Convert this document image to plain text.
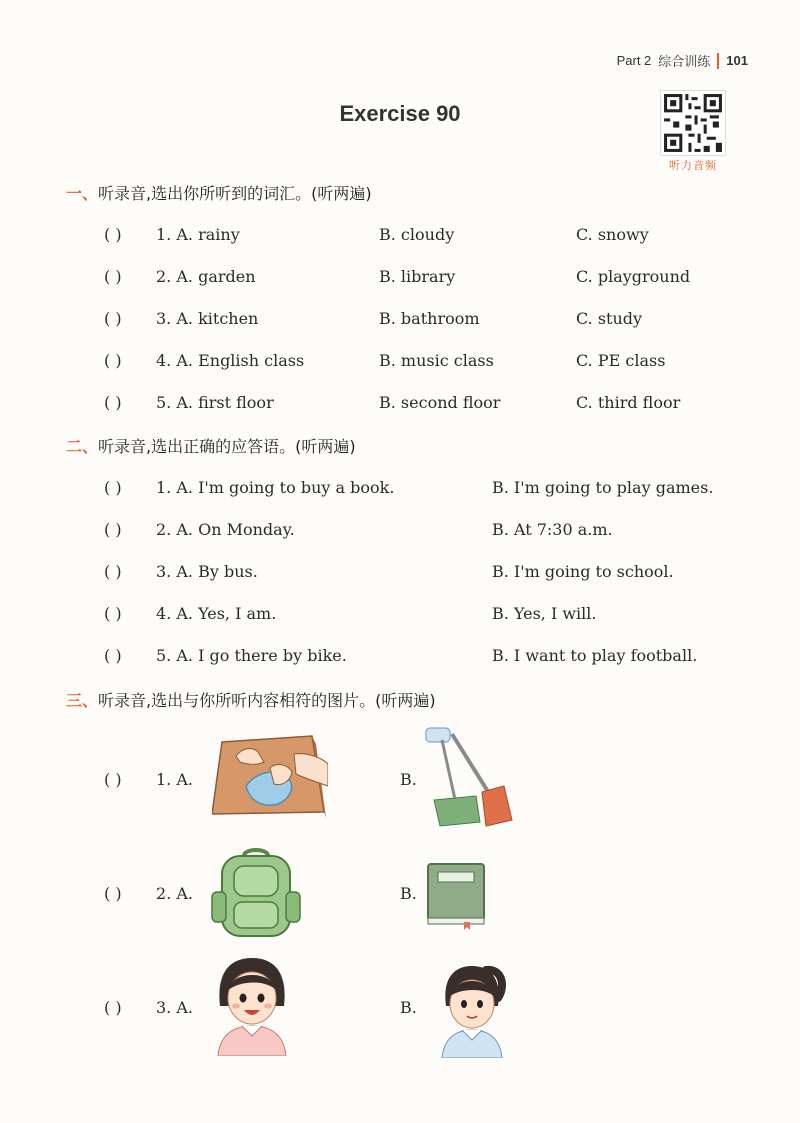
Part 2 综合训练 101
Exercise 90
听力音频
一、听录音,选出你所听到的词汇。(听两遍)
( ) 1. A. rainy	B. cloudy	C. snowy
( ) 2. A. garden	B. library	C. playground
( ) 3. A. kitchen	B. bathroom	C. study
( ) 4. A. English class	B. music class	C. PE class
( ) 5. A. first floor	B. second floor	C. third floor
二、听录音,选出正确的应答语。(听两遍)
( ) 1. A. I'm going to buy a book.	B. I'm going to play games.
( ) 2. A. On Monday.	B. At 7:30 a.m.
( ) 3. A. By bus.	B. I'm going to school.
( ) 4. A. Yes, I am.	B. Yes, I will.
( ) 5. A. I go there by bike.	B. I want to play football.
三、听录音,选出与你所听内容相符的图片。(听两遍)
( ) 1. A.	B.
( ) 2. A.	B.
( ) 3. A.	B.
